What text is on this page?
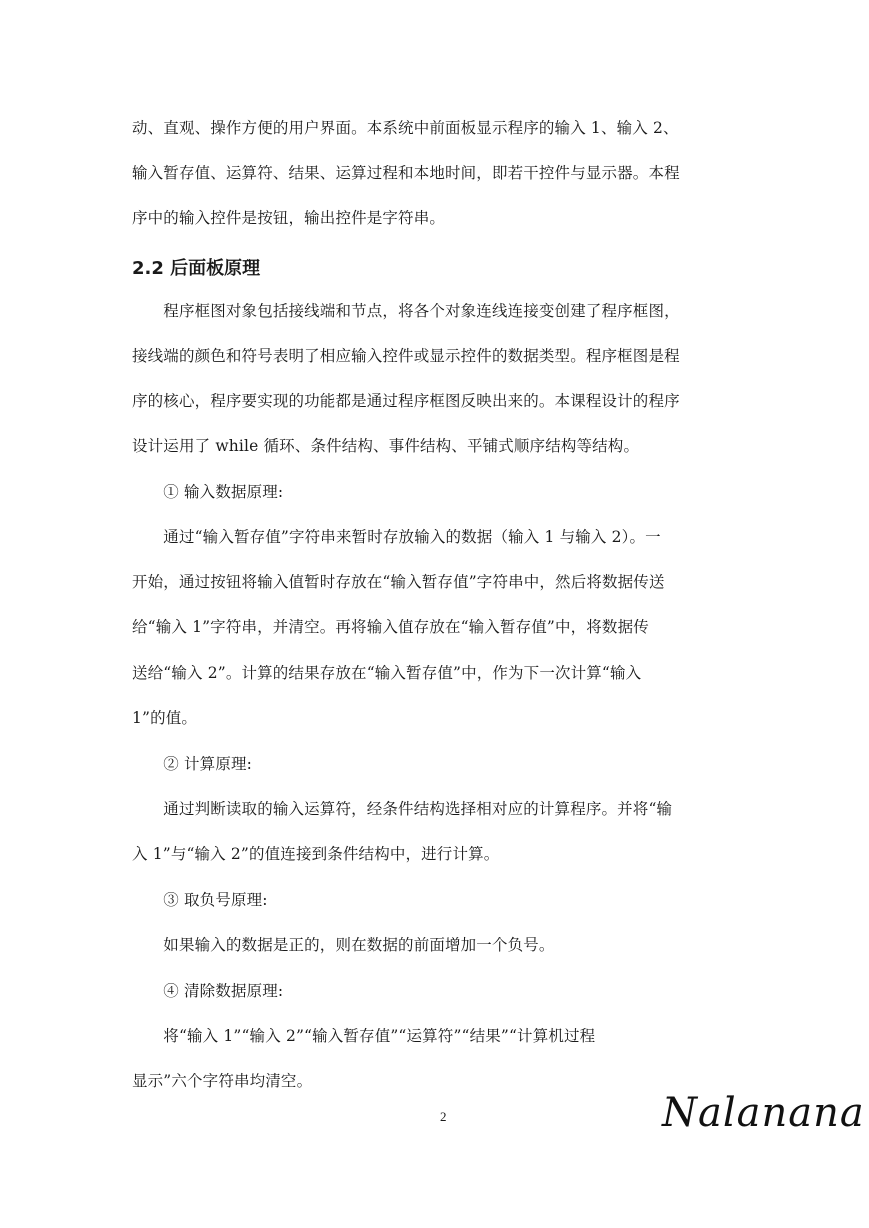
动、直观、操作方便的用户界面。本系统中前面板显示程序的输入 1、输入 2、
输入暂存值、运算符、结果、运算过程和本地时间，即若干控件与显示器。本程
序中的输入控件是按钮，输出控件是字符串。
2.2 后面板原理
　　程序框图对象包括接线端和节点，将各个对象连线连接变创建了程序框图，
接线端的颜色和符号表明了相应输入控件或显示控件的数据类型。程序框图是程
序的核心，程序要实现的功能都是通过程序框图反映出来的。本课程设计的程序
设计运用了 while 循环、条件结构、事件结构、平铺式顺序结构等结构。
　　① 输入数据原理:
　　通过“输入暂存值”字符串来暂时存放输入的数据（输入 1 与输入 2）。一
开始，通过按钮将输入值暂时存放在“输入暂存值”字符串中，然后将数据传送
给“输入 1”字符串，并清空。再将输入值存放在“输入暂存值”中，将数据传
送给“输入 2”。计算的结果存放在“输入暂存值”中，作为下一次计算“输入
1”的值。
　　② 计算原理:
　　通过判断读取的输入运算符，经条件结构选择相对应的计算程序。并将“输
入 1”与“输入 2”的值连接到条件结构中，进行计算。
　　③ 取负号原理:
　　如果输入的数据是正的，则在数据的前面增加一个负号。
　　④ 清除数据原理:
　　将“输入 1”“输入 2”“输入暂存值”“运算符”“结果”“计算机过程
显示”六个字符串均清空。
2	Nalanana
